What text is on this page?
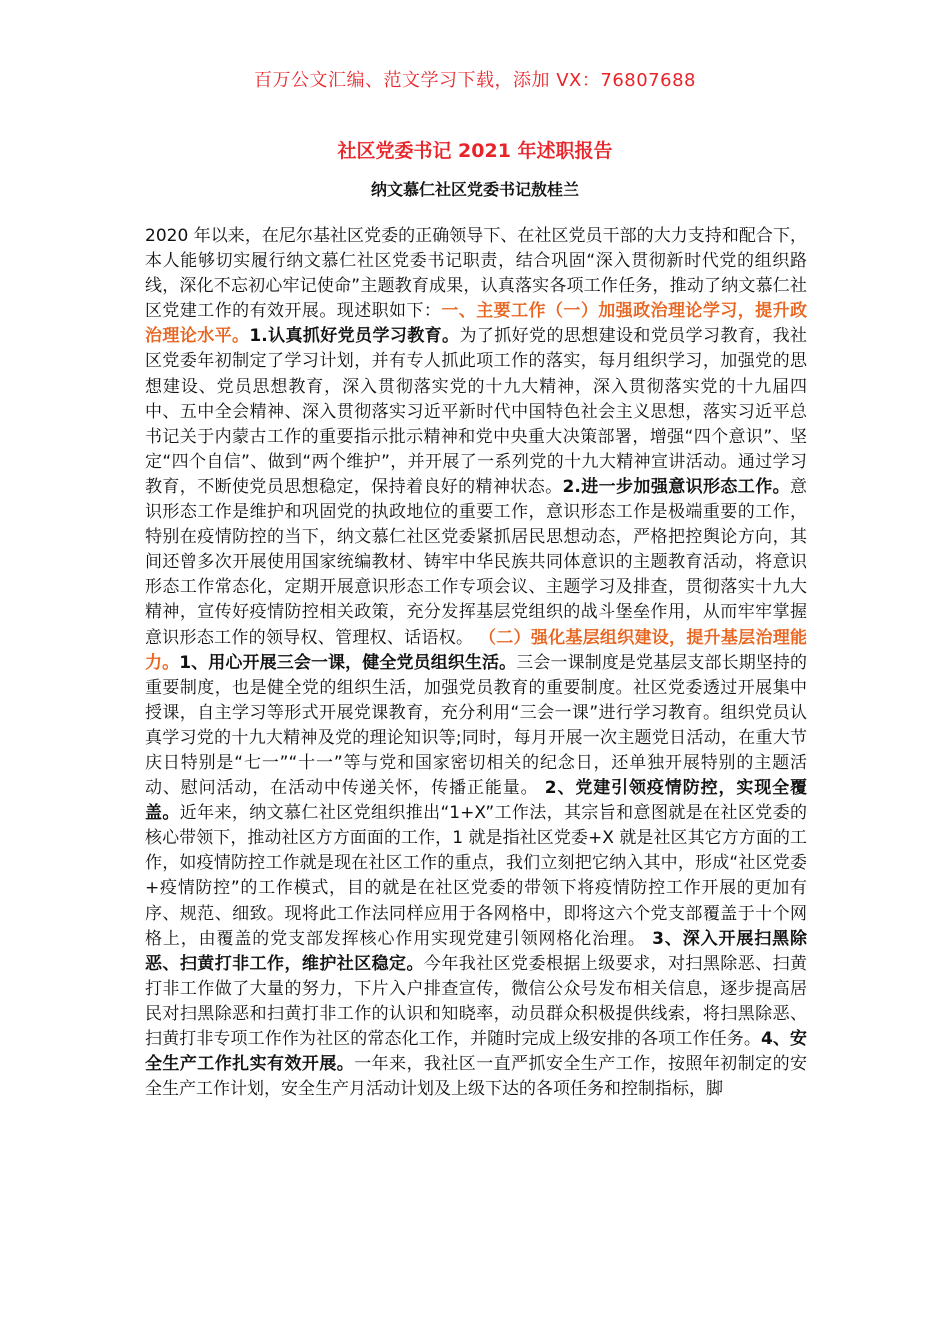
百万公文汇编、范文学习下载，添加 VX：76807688
社区党委书记 2021 年述职报告
纳文慕仁社区党委书记敖桂兰
2020 年以来，在尼尔基社区党委的正确领导下、在社区党员干部的大力支持和配合下，本人能够切实履行纳文慕仁社区党委书记职责，结合巩固“深入贯彻新时代党的组织路线，深化不忘初心牢记使命”主题教育成果，认真落实各项工作任务，推动了纳文慕仁社区党建工作的有效开展。现述职如下：一、主要工作（一）加强政治理论学习，提升政治理论水平。1.认真抓好党员学习教育。为了抓好党的思想建设和党员学习教育，我社区党委年初制定了学习计划，并有专人抓此项工作的落实，每月组织学习，加强党的思想建设、党员思想教育，深入贯彻落实党的十九大精神，深入贯彻落实党的十九届四中、五中全会精神、深入贯彻落实习近平新时代中国特色社会主义思想，落实习近平总书记关于内蒙古工作的重要指示批示精神和党中央重大决策部署，增强“四个意识”、坚定“四个自信”、做到“两个维护”，并开展了一系列党的十九大精神宣讲活动。通过学习教育，不断使党员思想稳定，保持着良好的精神状态。2.进一步加强意识形态工作。意识形态工作是维护和巩固党的执政地位的重要工作，意识形态工作是极端重要的工作，特别在疫情防控的当下，纳文慕仁社区党委紧抓居民思想动态，严格把控舆论方向，其间还曾多次开展使用国家统编教材、铸牢中华民族共同体意识的主题教育活动，将意识形态工作常态化，定期开展意识形态工作专项会议、主题学习及排查，贯彻落实十九大精神，宣传好疫情防控相关政策，充分发挥基层党组织的战斗堡垒作用，从而牢牢掌握意识形态工作的领导权、管理权、话语权。 （二）强化基层组织建设，提升基层治理能力。1、用心开展三会一课，健全党员组织生活。三会一课制度是党基层支部长期坚持的重要制度，也是健全党的组织生活，加强党员教育的重要制度。社区党委透过开展集中授课，自主学习等形式开展党课教育，充分利用“三会一课”进行学习教育。组织党员认真学习党的十九大精神及党的理论知识等;同时，每月开展一次主题党日活动，在重大节庆日特别是“七一”“十一”等与党和国家密切相关的纪念日，还单独开展特别的主题活动、慰问活动，在活动中传递关怀，传播正能量。 2、党建引领疫情防控，实现全覆盖。近年来，纳文慕仁社区党组织推出“1+X”工作法，其宗旨和意图就是在社区党委的核心带领下，推动社区方方面面的工作，1 就是指社区党委+X 就是社区其它方方面的工作，如疫情防控工作就是现在社区工作的重点，我们立刻把它纳入其中，形成“社区党委+疫情防控”的工作模式，目的就是在社区党委的带领下将疫情防控工作开展的更加有序、规范、细致。现将此工作法同样应用于各网格中，即将这六个党支部覆盖于十个网格上，由覆盖的党支部发挥核心作用实现党建引领网格化治理。 3、深入开展扫黑除恶、扫黄打非工作，维护社区稳定。今年我社区党委根据上级要求，对扫黑除恶、扫黄打非工作做了大量的努力，下片入户排查宣传，微信公众号发布相关信息，逐步提高居民对扫黑除恶和扫黄打非工作的认识和知晓率，动员群众积极提供线索，将扫黑除恶、扫黄打非专项工作作为社区的常态化工作，并随时完成上级安排的各项工作任务。4、安全生产工作扎实有效开展。一年来，我社区一直严抓安全生产工作，按照年初制定的安全生产工作计划，安全生产月活动计划及上级下达的各项任务和控制指标，脚
